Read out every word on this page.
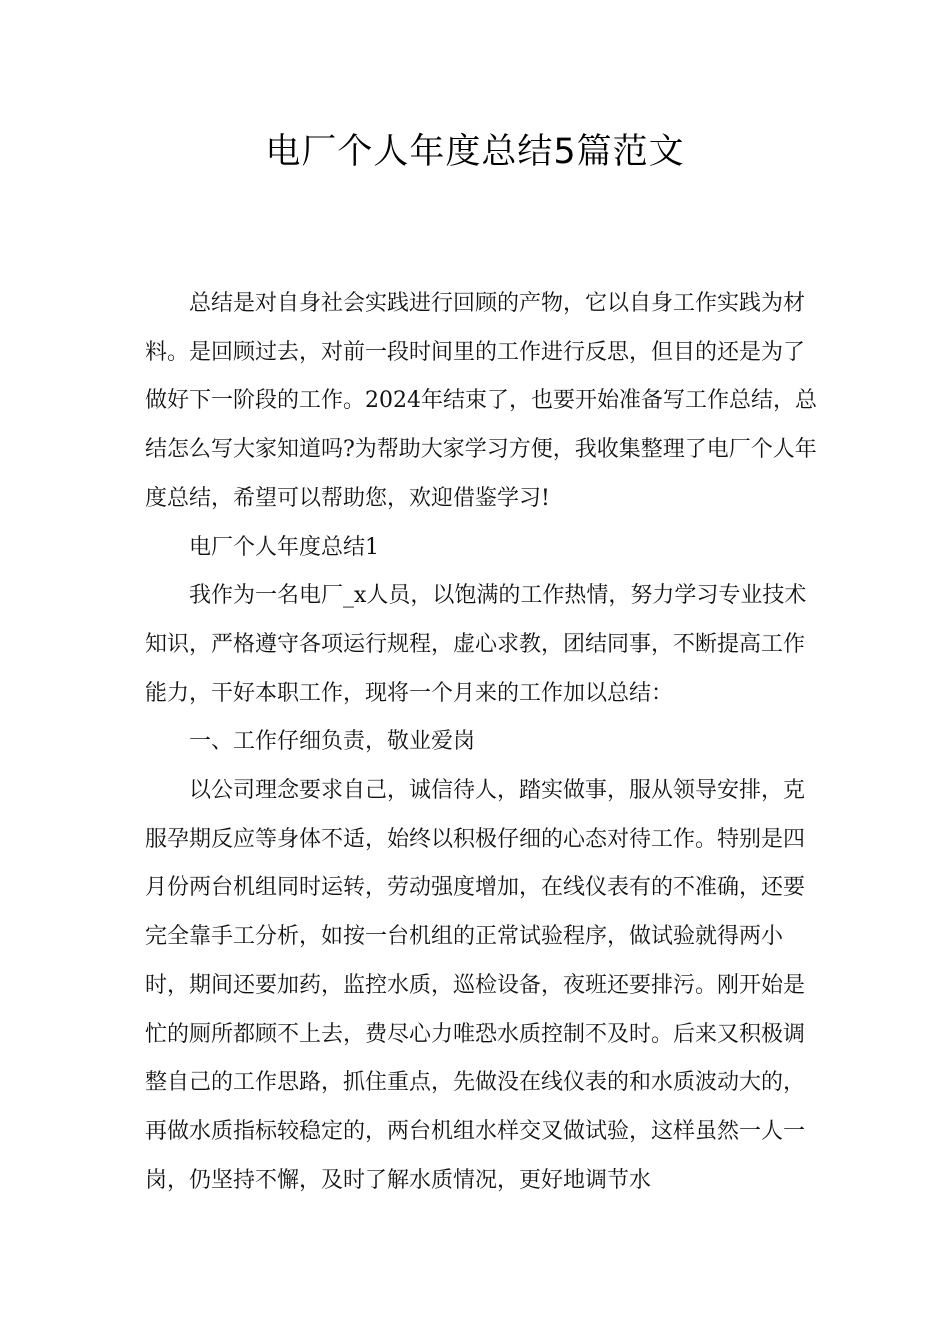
电厂个人年度总结5篇范文

总结是对自身社会实践进行回顾的产物，它以自身工作实践为材料。是回顾过去，对前一段时间里的工作进行反思，但目的还是为了做好下一阶段的工作。2024年结束了，也要开始准备写工作总结，总结怎么写大家知道吗?为帮助大家学习方便，我收集整理了电厂个人年度总结，希望可以帮助您，欢迎借鉴学习!

电厂个人年度总结1

我作为一名电厂_x人员，以饱满的工作热情，努力学习专业技术知识，严格遵守各项运行规程，虚心求教，团结同事，不断提高工作能力，干好本职工作，现将一个月来的工作加以总结：

一、工作仔细负责，敬业爱岗

以公司理念要求自己，诚信待人，踏实做事，服从领导安排，克服孕期反应等身体不适，始终以积极仔细的心态对待工作。特别是四月份两台机组同时运转，劳动强度增加，在线仪表有的不准确，还要完全靠手工分析，如按一台机组的正常试验程序，做试验就得两小时，期间还要加药，监控水质，巡检设备，夜班还要排污。刚开始是忙的厕所都顾不上去，费尽心力唯恐水质控制不及时。后来又积极调整自己的工作思路，抓住重点，先做没在线仪表的和水质波动大的，再做水质指标较稳定的，两台机组水样交叉做试验，这样虽然一人一岗，仍坚持不懈，及时了解水质情况，更好地调节水
